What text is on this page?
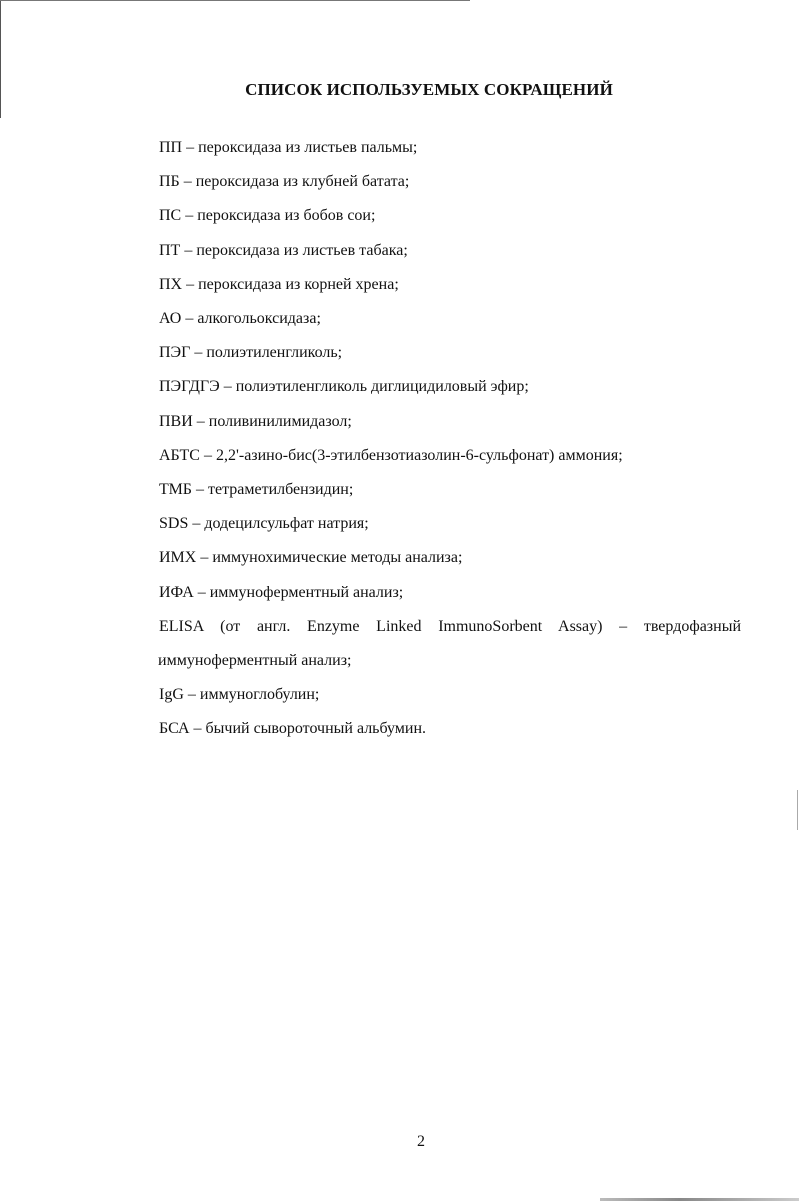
СПИСОК ИСПОЛЬЗУЕМЫХ СОКРАЩЕНИЙ
ПП – пероксидаза из листьев пальмы;
ПБ – пероксидаза из клубней батата;
ПС – пероксидаза из бобов сои;
ПТ – пероксидаза из листьев табака;
ПХ – пероксидаза из корней хрена;
АО – алкогольоксидаза;
ПЭГ – полиэтиленгликоль;
ПЭГДГЭ – полиэтиленгликоль диглицидиловый эфир;
ПВИ – поливинилимидазол;
АБТС – 2,2'-азино-бис(3-этилбензотиазолин-6-сульфонат) аммония;
ТМБ – тетраметилбензидин;
SDS – додецилсульфат натрия;
ИМХ – иммунохимические методы анализа;
ИФА – иммуноферментный анализ;
ELISA (от англ. Enzyme Linked ImmunoSorbent Assay) – твердофазный
иммуноферментный анализ;
IgG – иммуноглобулин;
БСА – бычий сывороточный альбумин.
2
